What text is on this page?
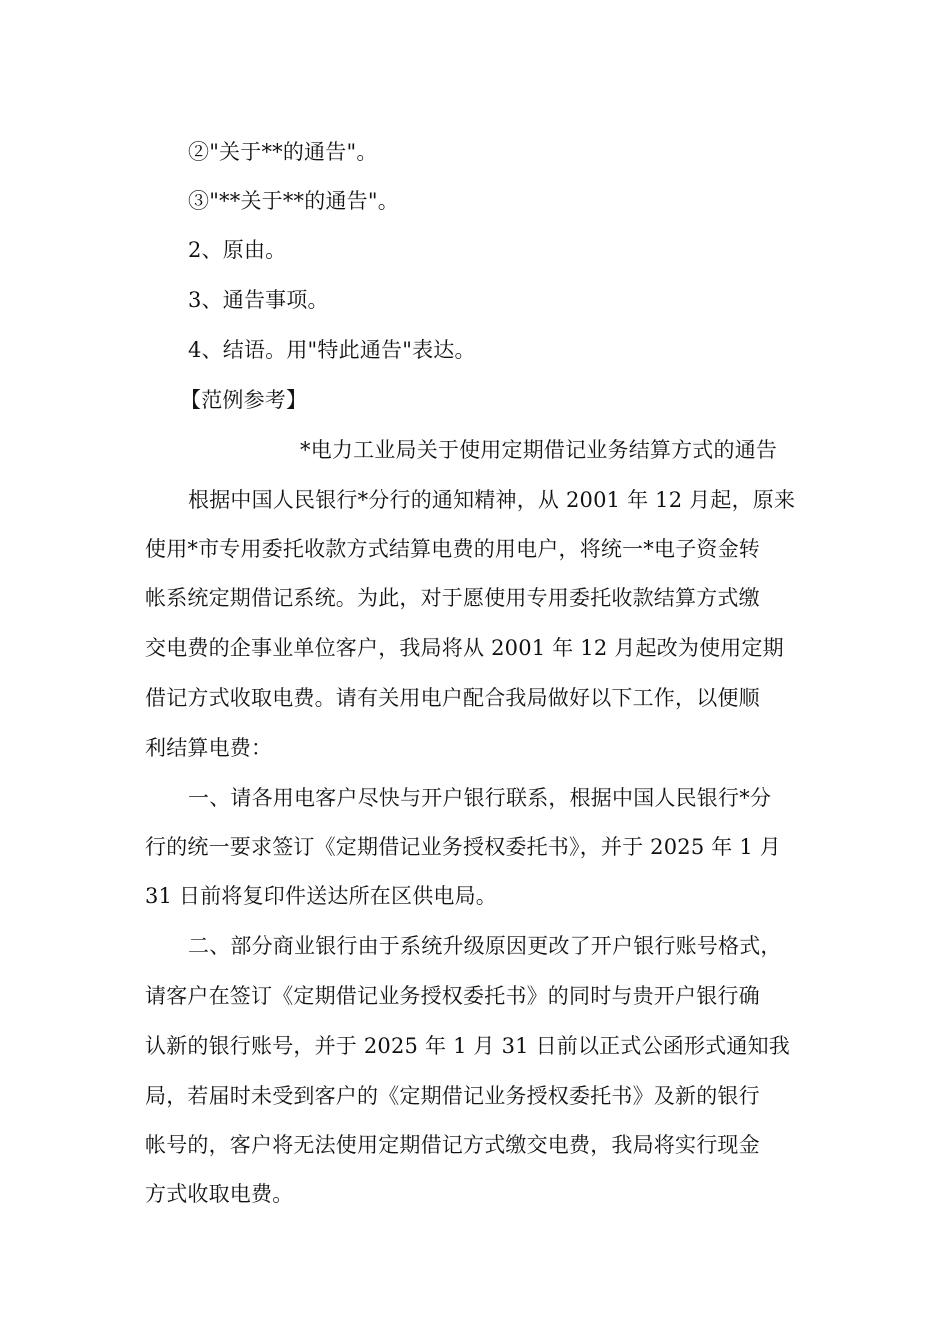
②"关于**的通告"。
③"**关于**的通告"。
2、原由。
3、通告事项。
4、结语。用"特此通告"表达。
【范例参考】
*电力工业局关于使用定期借记业务结算方式的通告
根据中国人民银行*分行的通知精神，从 2001 年 12 月起，原来
使用*市专用委托收款方式结算电费的用电户，将统一*电子资金转
帐系统定期借记系统。为此，对于愿使用专用委托收款结算方式缴
交电费的企事业单位客户，我局将从 2001 年 12 月起改为使用定期
借记方式收取电费。请有关用电户配合我局做好以下工作，以便顺
利结算电费：
一、请各用电客户尽快与开户银行联系，根据中国人民银行*分
行的统一要求签订《定期借记业务授权委托书》，并于 2025 年 1 月
31 日前将复印件送达所在区供电局。
二、部分商业银行由于系统升级原因更改了开户银行账号格式，
请客户在签订《定期借记业务授权委托书》的同时与贵开户银行确
认新的银行账号，并于 2025 年 1 月 31 日前以正式公函形式通知我
局，若届时未受到客户的《定期借记业务授权委托书》及新的银行
帐号的，客户将无法使用定期借记方式缴交电费，我局将实行现金
方式收取电费。
